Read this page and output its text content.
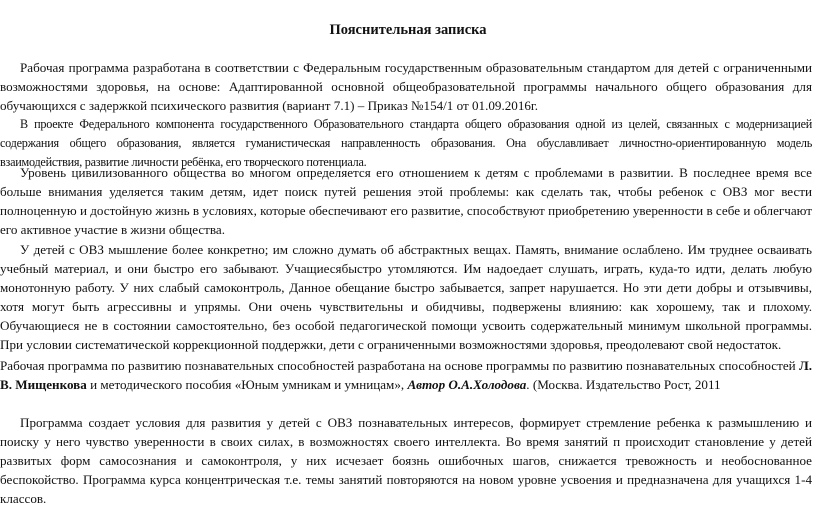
Пояснительная записка
Рабочая программа разработана в соответствии с Федеральным государственным образовательным стандартом для детей с ограниченными возможностями здоровья, на основе: Адаптированной основной общеобразовательной программы начального общего образования для обучающихся с задержкой психического развития (вариант 7.1) – Приказ №154/1 от 01.09.2016г.
В проекте Федерального компонента государственного Образовательного стандарта общего образования одной из целей, связанных с модернизацией содержания общего образования, является гуманистическая направленность образования. Она обуславливает личностно-ориентированную модель взаимодействия, развитие личности ребёнка, его творческого потенциала.
Уровень цивилизованного общества во многом определяется его отношением к детям с проблемами в развитии. В последнее время все больше внимания уделяется таким детям, идет поиск путей решения этой проблемы: как сделать так, чтобы ребенок с ОВЗ мог вести полноценную и достойную жизнь в условиях, которые обеспечивают его развитие, способствуют приобретению уверенности в себе и облегчают его активное участие в жизни общества.
У детей с ОВЗ мышление более конкретно; им сложно думать об абстрактных вещах. Память, внимание ослаблено. Им труднее осваивать учебный материал, и они быстро его забывают. Учащиесябыстро утомляются. Им надоедает слушать, играть, куда-то идти, делать любую монотонную работу. У них слабый самоконтроль, Данное обещание быстро забывается, запрет нарушается. Но эти дети добры и отзывчивы, хотя могут быть агрессивны и упрямы. Они очень чувствительны и обидчивы, подвержены влиянию: как хорошему, так и плохому. Обучающиеся не в состоянии самостоятельно, без особой педагогической помощи усвоить содержательный минимум школьной программы. При условии систематической коррекционной поддержки, дети с ограниченными возможностями здоровья, преодолевают свой недостаток.
Рабочая программа по развитию познавательных способностей разработана на основе программы по развитию познавательных способностей Л. В. Мищенкова и методического пособия «Юным умникам и умницам», Автор О.А.Холодова. (Москва. Издательство Рост, 2011
Программа создает условия для развития у детей с ОВЗ познавательных интересов, формирует стремление ребенка к размышлению и поиску у него чувство уверенности в своих силах, в возможностях своего интеллекта. Во время занятий п происходит становление у детей развитых форм самосознания и самоконтроля, у них исчезает боязнь ошибочных шагов, снижается тревожность и необоснованное беспокойство. Программа курса концентрическая т.е. темы занятий повторяются на новом уровне усвоения и предназначена для учащихся 1-4 классов.
